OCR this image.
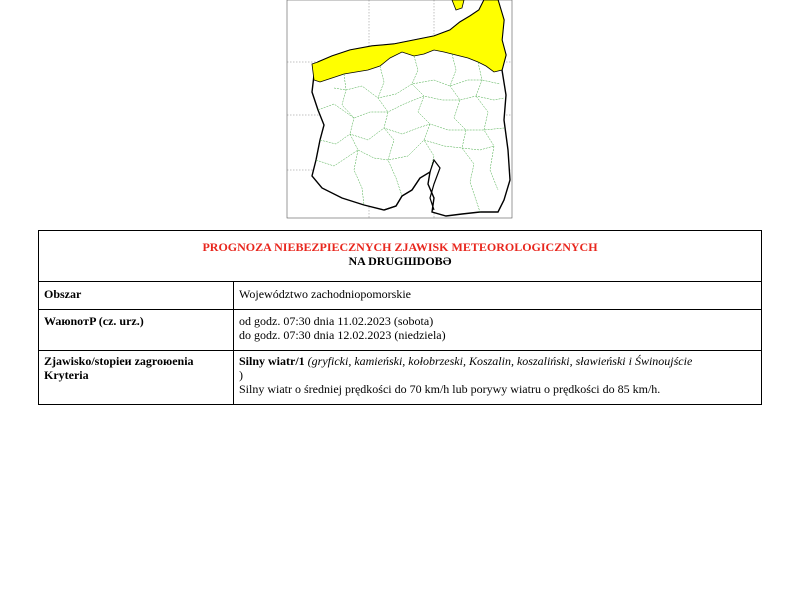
PROGNOZA NIEBEZPIECZNYCH ZJAWISK METEOROLOGICZNYCH
NA DRUGШDOBƏ	

Obszar	Województwo zachodniopomorskie
WaюnoтP (cz. urz.)	od godz. 07:30 dnia 11.02.2023 (sobota)
do godz. 07:30 dnia 12.02.2023 (niedziela)

Zjawisko/stopieи zagroюenia
Kryteria	Silny wiatr/1 (gryficki, kamieński, kołobrzeski, Koszalin, koszaliński, sławieński i Świnoujście
)
Silny wiatr o średniej prędkości do 70 km/h lub porywy wiatru o prędkości do 85 km/h.
